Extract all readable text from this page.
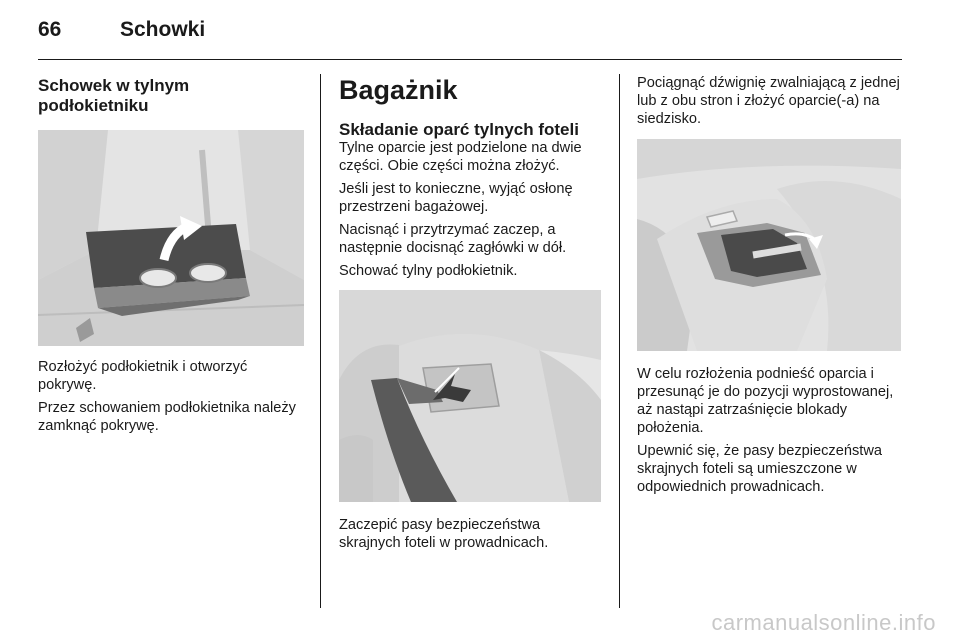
66	Schowki
Schowek w tylnym podłokietniku

Rozłożyć podłokietnik i otworzyć pokrywę.

Przez schowaniem podłokietnika należy zamknąć pokrywę.

Bagażnik
Składanie oparć tylnych foteli

Tylne oparcie jest podzielone na dwie części. Obie części można złożyć.

Jeśli jest to konieczne, wyjąć osłonę przestrzeni bagażowej.

Nacisnąć i przytrzymać zaczep, a następnie docisnąć zagłówki w dół.

Schować tylny podłokietnik.

Zaczepić pasy bezpieczeństwa skrajnych foteli w prowadnicach.

Pociągnąć dźwignię zwalniającą z jednej lub z obu stron i złożyć oparcie(-a) na siedzisko.

W celu rozłożenia podnieść oparcia i przesunąć je do pozycji wyprostowanej, aż nastąpi zatrzaśnięcie blokady położenia.

Upewnić się, że pasy bezpieczeństwa skrajnych foteli są umieszczone w odpowiednich prowadnicach.

carmanualsonline.info
